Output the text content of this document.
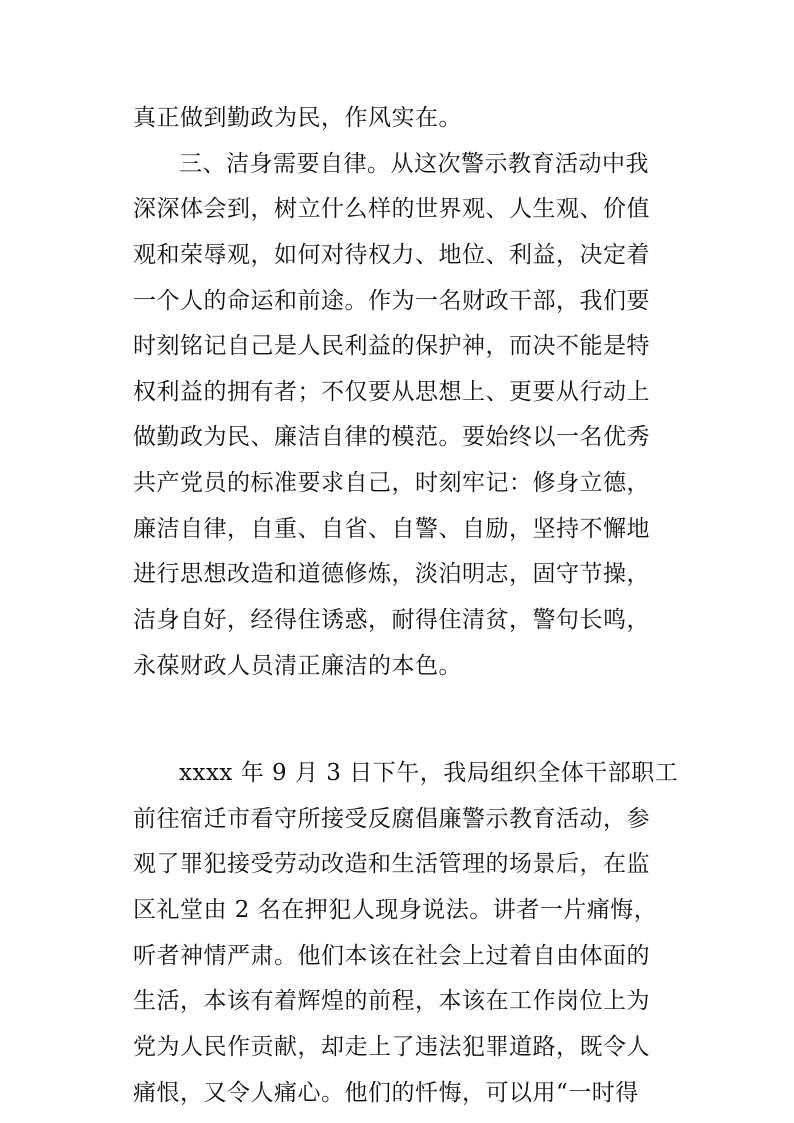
真正做到勤政为民，作风实在。

三、洁身需要自律。从这次警示教育活动中我

深深体会到，树立什么样的世界观、人生观、价值

观和荣辱观，如何对待权力、地位、利益，决定着

一个人的命运和前途。作为一名财政干部，我们要

时刻铭记自己是人民利益的保护神，而决不能是特

权利益的拥有者；不仅要从思想上、更要从行动上

做勤政为民、廉洁自律的模范。要始终以一名优秀

共产党员的标准要求自己，时刻牢记：修身立德，

廉洁自律，自重、自省、自警、自励，坚持不懈地

进行思想改造和道德修炼，淡泊明志，固守节操，

洁身自好，经得住诱惑，耐得住清贫，警句长鸣，

永葆财政人员清正廉洁的本色。

xxxx 年 9 月 3 日下午，我局组织全体干部职工

前往宿迁市看守所接受反腐倡廉警示教育活动，参

观了罪犯接受劳动改造和生活管理的场景后，在监

区礼堂由 2 名在押犯人现身说法。讲者一片痛悔，

听者神情严肃。他们本该在社会上过着自由体面的

生活，本该有着辉煌的前程，本该在工作岗位上为

党为人民作贡献，却走上了违法犯罪道路，既令人

痛恨，又令人痛心。他们的忏悔，可以用“一时得
